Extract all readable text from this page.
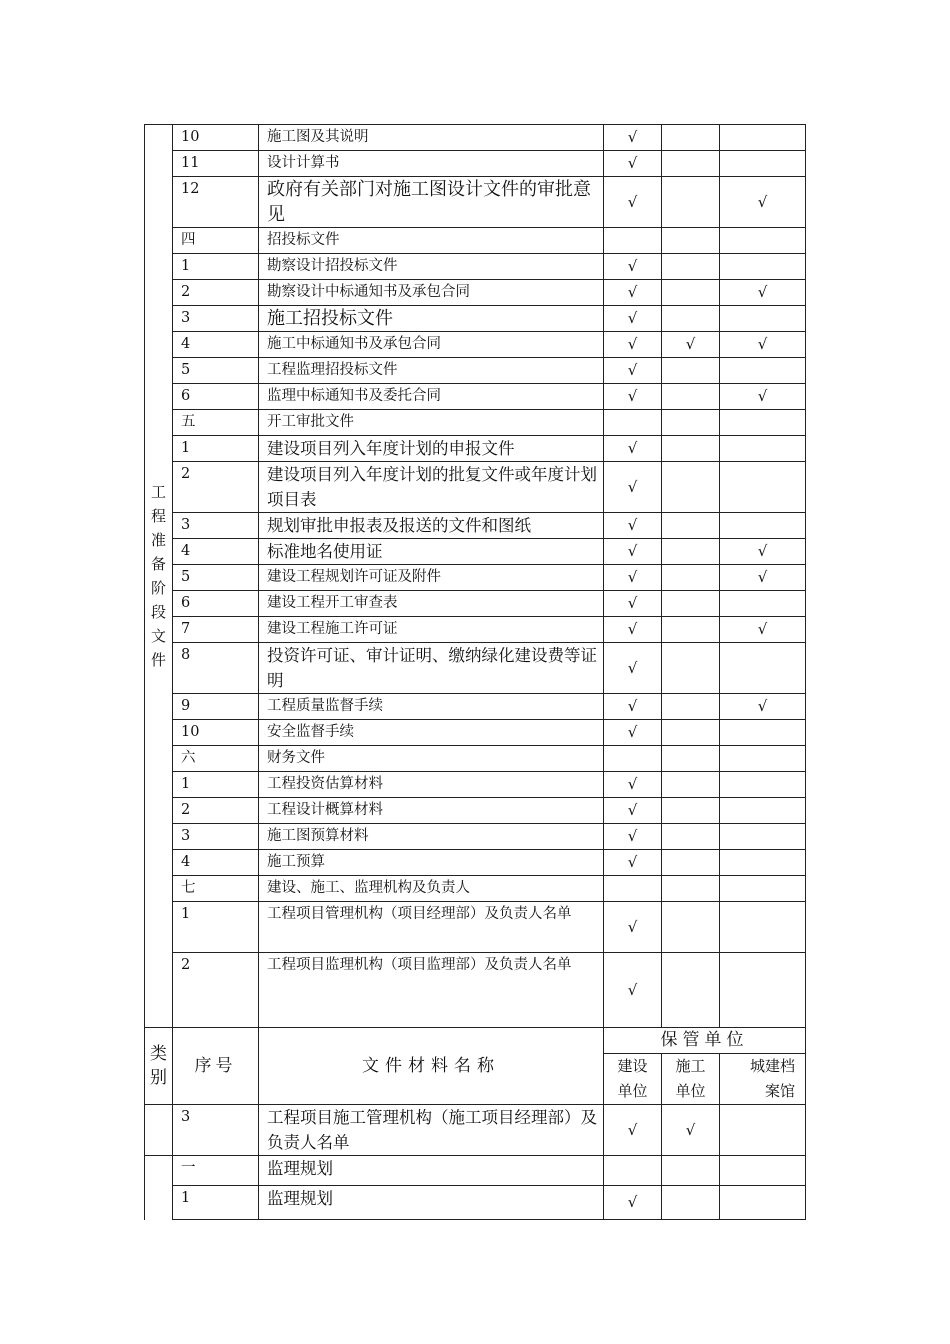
工程准备阶段文件	10	施工图及其说明	√		
	11	设计计算书	√		
	12	政府有关部门对施工图设计文件的审批意见	√		√
	四	招投标文件			
	1	勘察设计招投标文件	√		
	2	勘察设计中标通知书及承包合同	√		√
	3	施工招投标文件	√		
	4	施工中标通知书及承包合同	√	√	√
	5	工程监理招投标文件	√		
	6	监理中标通知书及委托合同	√		√
	五	开工审批文件			
	1	建设项目列入年度计划的申报文件	√		
	2	建设项目列入年度计划的批复文件或年度计划项目表	√		
	3	规划审批申报表及报送的文件和图纸	√		
	4	标准地名使用证	√		√
	5	建设工程规划许可证及附件	√		√
	6	建设工程开工审查表	√		
	7	建设工程施工许可证	√		√
	8	投资许可证、审计证明、缴纳绿化建设费等证明	√		
	9	工程质量监督手续	√		√
	10	安全监督手续	√		
	六	财务文件			
	1	工程投资估算材料	√		
	2	工程设计概算材料	√		
	3	施工图预算材料	√		
	4	施工预算	√		
	七	建设、施工、监理机构及负责人			
	1	工程项目管理机构（项目经理部）及负责人名单	√		
	2	工程项目监理机构（项目监理部）及负责人名单	√		

类别	序号	文件材料名称	保管单位		

			建设单位	施工单位	城建档案馆
	3	工程项目施工管理机构（施工项目经理部）及负责人名单	√	√	
	一	监理规划			
	1	监理规划	√		
